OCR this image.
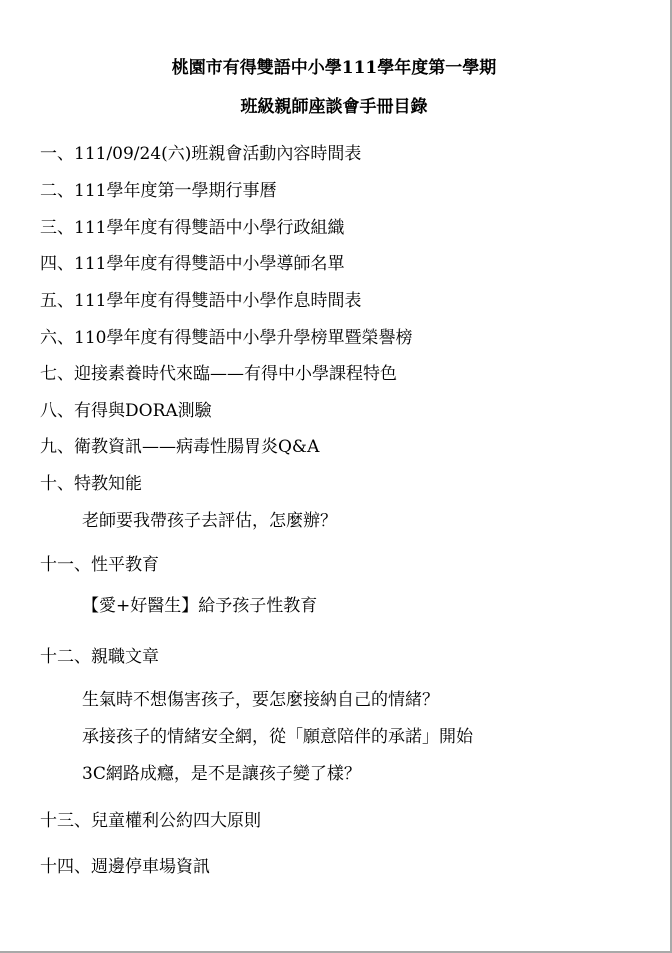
桃園市有得雙語中小學111學年度第一學期
班級親師座談會手冊目錄
一、111/09/24(六)班親會活動內容時間表
二、111學年度第一學期行事曆
三、111學年度有得雙語中小學行政組織
四、111學年度有得雙語中小學導師名單
五、111學年度有得雙語中小學作息時間表
六、110學年度有得雙語中小學升學榜單暨榮譽榜
七、迎接素養時代來臨——有得中小學課程特色
八、有得與DORA測驗
九、衛教資訊——病毒性腸胃炎Q&A
十、特教知能
老師要我帶孩子去評估，怎麼辦？
十一、性平教育
【愛+好醫生】給予孩子性教育
十二、親職文章
生氣時不想傷害孩子，要怎麼接納自己的情緒？
承接孩子的情緒安全網，從「願意陪伴的承諾」開始
3C網路成癮，是不是讓孩子變了樣？
十三、兒童權利公約四大原則
十四、週邊停車場資訊
